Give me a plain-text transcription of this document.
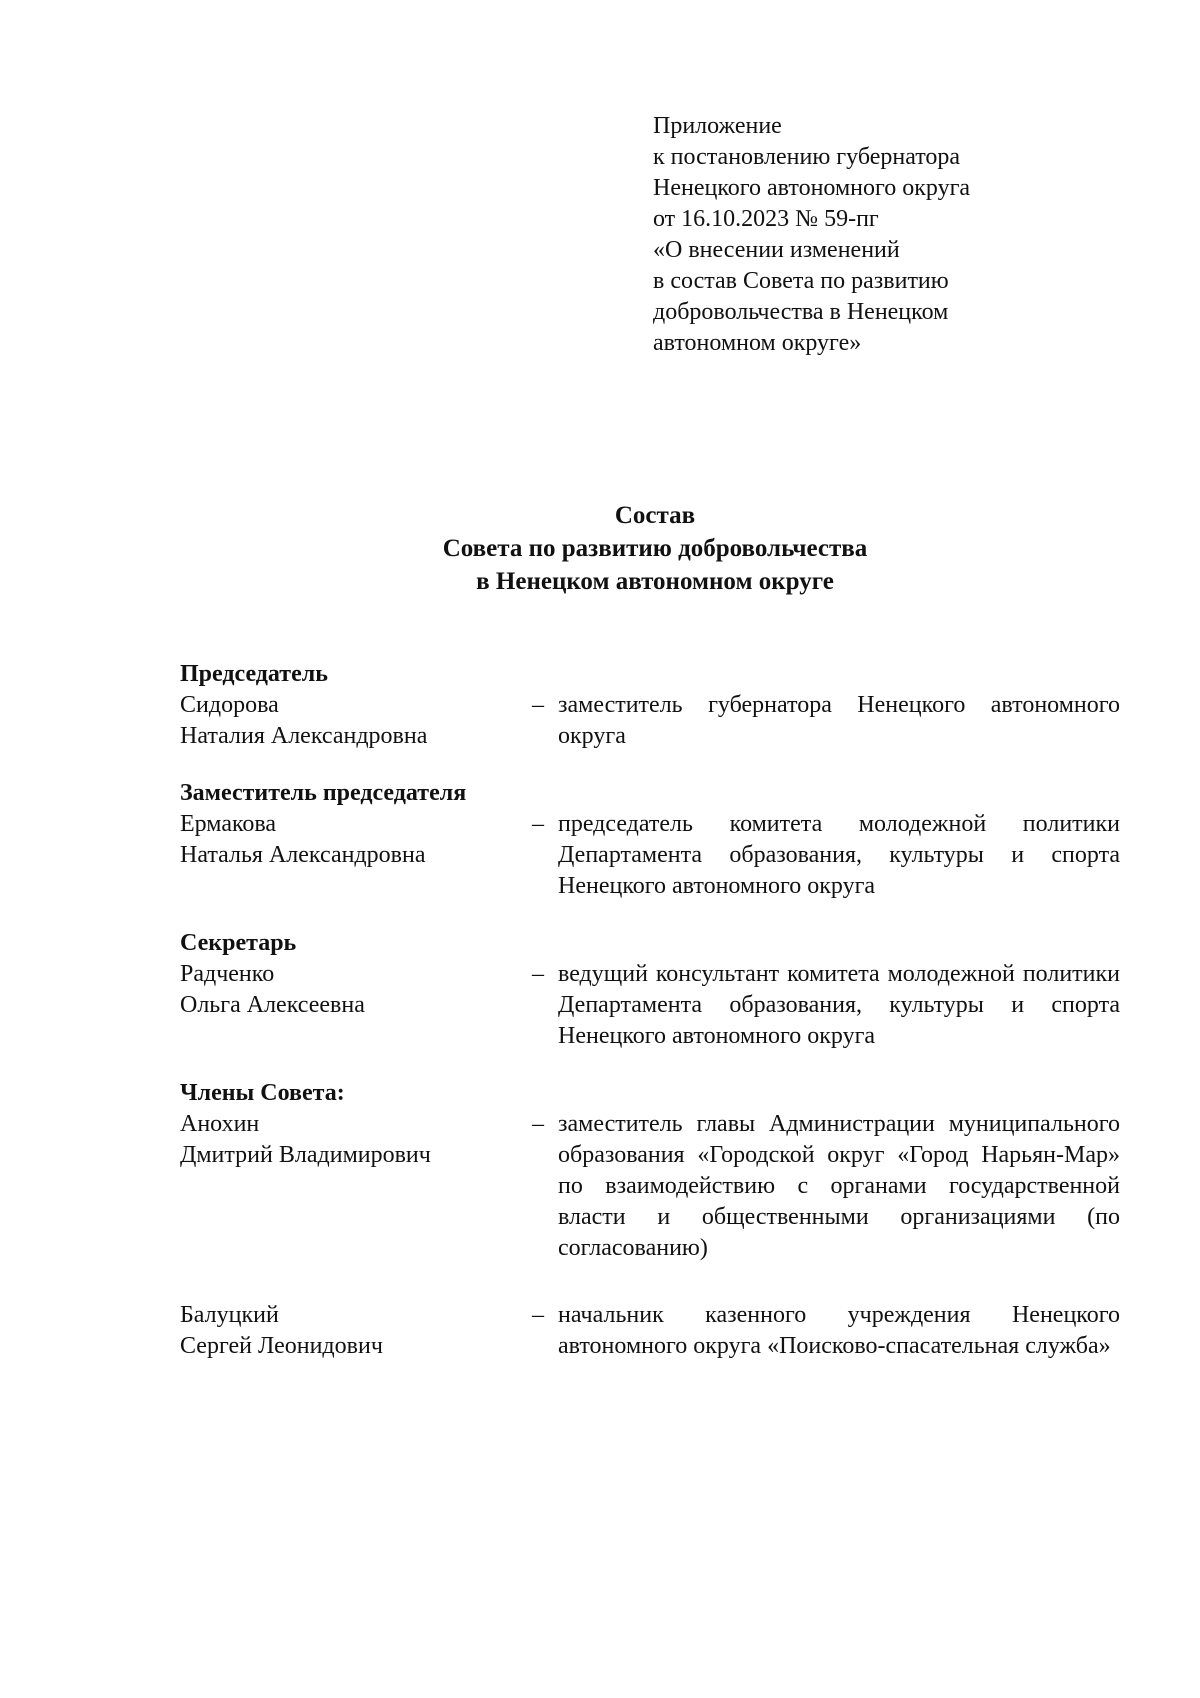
Приложение
к постановлению губернатора
Ненецкого автономного округа
от 16.10.2023 № 59-пг
«О внесении изменений
в состав Совета по развитию
добровольчества в Ненецком
автономном округе»
Состав
Совета по развитию добровольчества
в Ненецком автономном округе
Председатель
Сидорова
Наталия Александровна
– заместитель губернатора Ненецкого автономного округа
Заместитель председателя
Ермакова
Наталья Александровна
– председатель комитета молодежной политики Департамента образования, культуры и спорта Ненецкого автономного округа
Секретарь
Радченко
Ольга Алексеевна
– ведущий консультант комитета молодежной политики Департамента образования, культуры и спорта Ненецкого автономного округа
Члены Совета:
Анохин
Дмитрий Владимирович
– заместитель главы Администрации муниципального образования «Городской округ «Город Нарьян-Мар» по взаимодействию с органами государственной власти и общественными организациями (по согласованию)
Балуцкий
Сергей Леонидович
– начальник казенного учреждения Ненецкого автономного округа «Поисково-спасательная служба»
